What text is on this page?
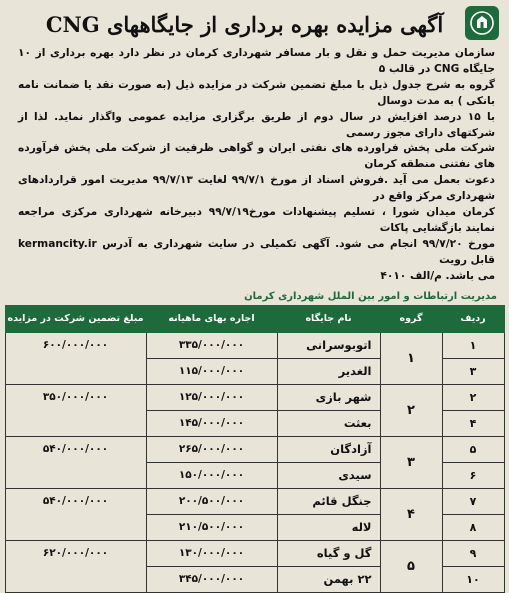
آگهی مزایده بهره برداری از جایگاههای CNG

سازمان مدیریت حمل و نقل و بار مسافر شهرداری کرمان در نظر دارد بهره برداری از ۱۰ جایگاه CNG در قالب ۵

گروه به شرح جدول ذیل با مبلغ تضمین شرکت در مزایده ذیل (به صورت نقد یا ضمانت نامه بانکی ) به مدت دوسال

با ۱۵ درصد افزایش در سال دوم از طریق برگزاری مزایده عمومی واگذار نماید. لذا از شرکتهای دارای مجوز رسمی

شرکت ملی پخش فراورده های نفتی ایران و گواهی ظرفیت از شرکت ملی پخش فرآورده های نفتنی منطقه کرمان

دعوت بعمل می آید .فروش اسناد از مورخ ۹۹/۷/۱ لغایت ۹۹/۷/۱۳ مدیریت امور قراردادهای شهرداری مرکز واقع در

کرمان میدان شورا ، تسلیم پیشنهادات مورخ۹۹/۷/۱۹ دبیرخانه شهرداری مرکزی مراجعه نمایند بازگشایی پاکات

مورخ ۹۹/۷/۲۰ انجام می شود. آگهی تکمیلی در سایت شهرداری به آدرس kermancity.ir قابل رویت

می باشد. م/الف ۴۰۱۰

مدیریت ارتباطات و امور بین الملل شهرداری کرمان
ردیف	گروه	نام جایگاه	اجاره بهای ماهیانه	مبلغ تضمین شرکت در مزایده
۱	۱	اتوبوسرانی	۳۳۵/۰۰۰/۰۰۰	۶۰۰/۰۰۰/۰۰۰
۳		الغدیر	۱۱۵/۰۰۰/۰۰۰	
۲	۲	شهر بازی	۱۲۵/۰۰۰/۰۰۰	۳۵۰/۰۰۰/۰۰۰
۴		بعثت	۱۴۵/۰۰۰/۰۰۰	
۵	۳	آزادگان	۲۶۵/۰۰۰/۰۰۰	۵۴۰/۰۰۰/۰۰۰
۶		سیدی	۱۵۰/۰۰۰/۰۰۰	
۷	۴	جنگل قائم	۲۰۰/۵۰۰/۰۰۰	۵۴۰/۰۰۰/۰۰۰
۸		لاله	۲۱۰/۵۰۰/۰۰۰	
۹	۵	گل و گیاه	۱۳۰/۰۰۰/۰۰۰	۶۲۰/۰۰۰/۰۰۰
۱۰		۲۲ بهمن	۳۴۵/۰۰۰/۰۰۰	
